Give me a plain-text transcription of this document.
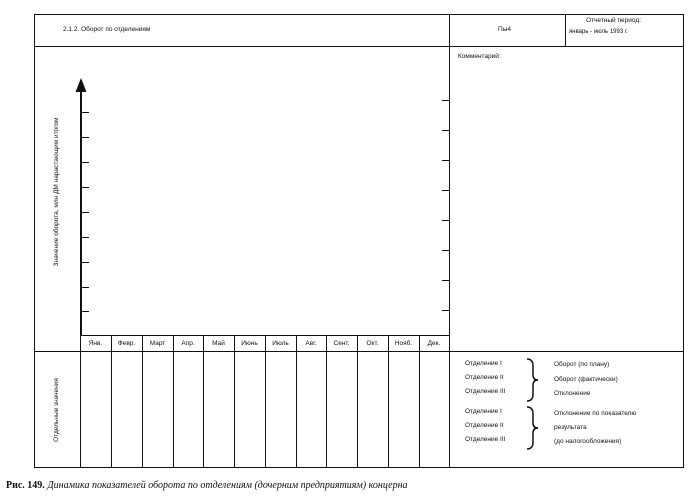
2.1.2. Оборот по отделениям	Пы4
Отчетный период:
январь - июль 1993 г.
Комментарий:
Янв.	Февр.	Март	Апр.	Май	Июнь	Июль	Авг.	Сент.	Окт.	Нояб.	Дек.
Значение оборота, млн ДМ нарастающим итогом
Отдельные значения
Отделение I
Отделение II
Отделение III
Оборот (по плану)
Оборот (фактически)
Отклонение
Отделение I
Отделение II
Отделение III
Отклонение по показателю
результата
(до налогообложения)
Рис. 149. Динамика показателей оборота по отделениям (дочерним предприятиям) концерна
